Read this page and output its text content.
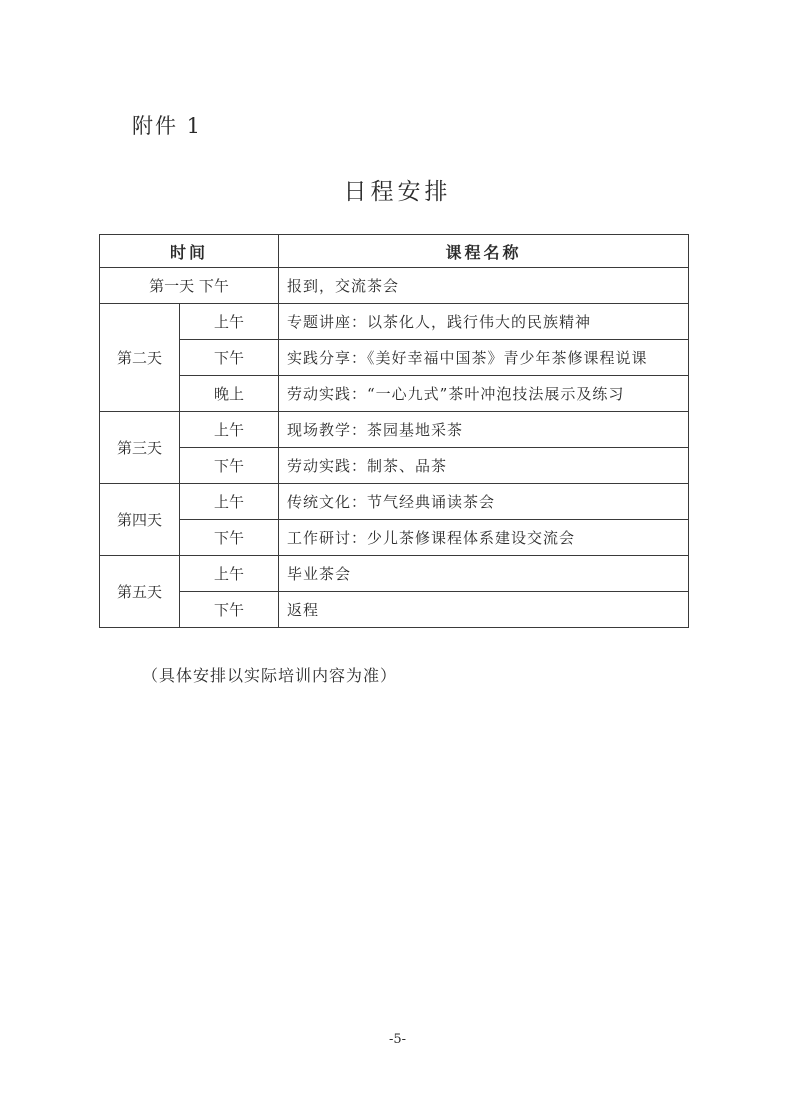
附件 1
日程安排
时间		课程名称
第一天 下午		报到，交流茶会
第二天	上午	专题讲座：以茶化人，践行伟大的民族精神
	下午	实践分享：《美好幸福中国茶》青少年茶修课程说课
	晚上	劳动实践：“一心九式”茶叶冲泡技法展示及练习
第三天	上午	现场教学：茶园基地采茶
	下午	劳动实践：制茶、品茶
第四天	上午	传统文化：节气经典诵读茶会
	下午	工作研讨：少儿茶修课程体系建设交流会
第五天	上午	毕业茶会
	下午	返程
（具体安排以实际培训内容为准）
-5-
